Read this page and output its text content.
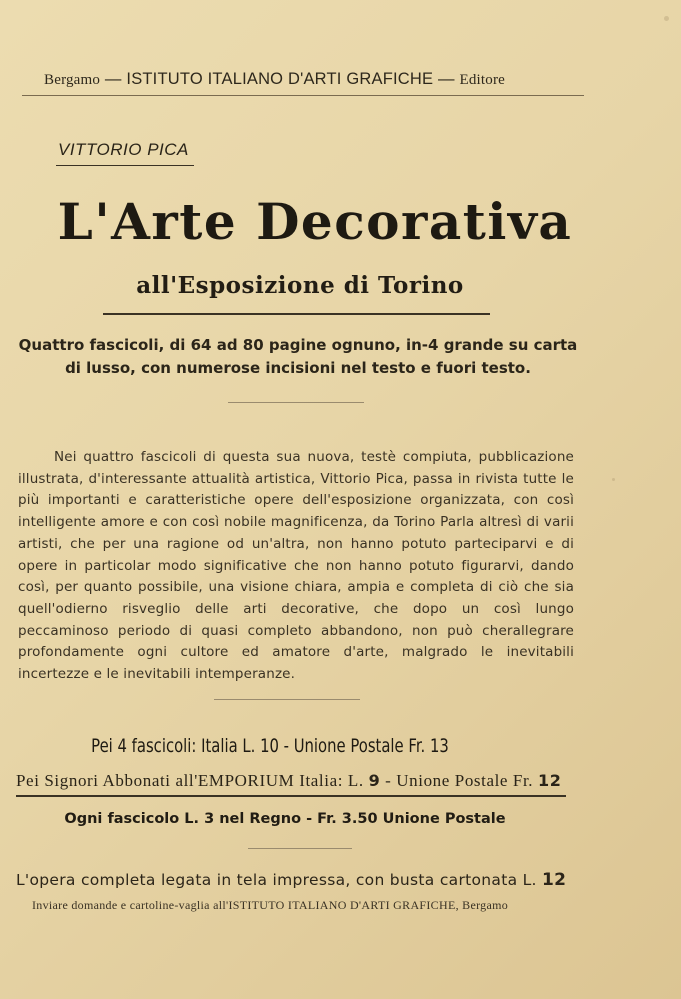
Bergamo — ISTITUTO ITALIANO D'ARTI GRAFICHE — Editore
VITTORIO PICA
L'Arte Decorativa
all'Esposizione di Torino
Quattro fascicoli, di 64 ad 80 pagine ognuno, in-4 grande su carta di lusso, con numerose incisioni nel testo e fuori testo.
Nei quattro fascicoli di questa sua nuova, testè compiuta, pubblicazione illustrata, d'interessante attualità artistica, Vittorio Pica, passa in rivista tutte le più importanti e caratteristiche opere dell'esposizione organizzata, con così intelligente amore e con così nobile magnificenza, da Torino Parla altresì di varii artisti, che per una ragione od un'altra, non hanno potuto parteciparvi e di opere in particolar modo significative che non hanno potuto figurarvi, dando così, per quanto possibile, una visione chiara, ampia e completa di ciò che sia quell'odierno risveglio delle arti decorative, che dopo un così lungo peccaminoso periodo di quasi completo abbandono, non può cherallegrare profondamente ogni cultore ed amatore d'arte, malgrado le inevitabili incertezze e le inevitabili intemperanze.
Pei 4 fascicoli: Italia L. 10 - Unione Postale Fr. 13
Pei Signori Abbonati all'EMPORIUM Italia: L. 9 - Unione Postale Fr. 12
Ogni fascicolo L. 3 nel Regno - Fr. 3.50 Unione Postale
L'opera completa legata in tela impressa, con busta cartonata L. 12
Inviare domande e cartoline-vaglia all'ISTITUTO ITALIANO D'ARTI GRAFICHE, Bergamo
